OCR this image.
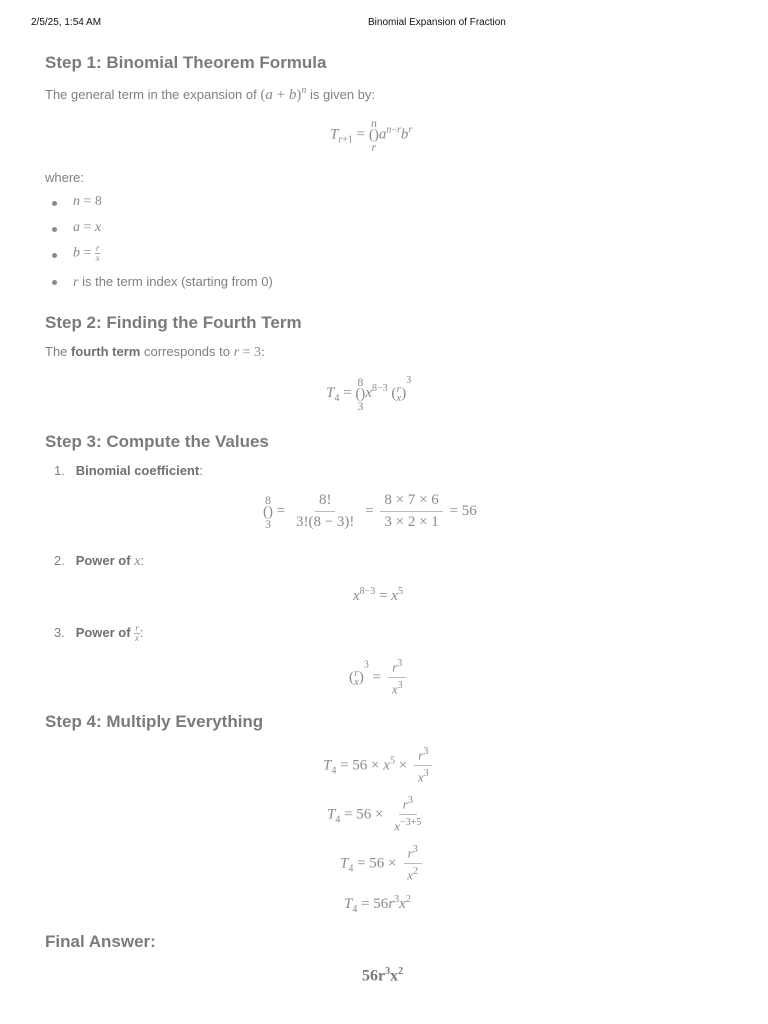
2/5/25, 1:54 AM	Binomial Expansion of Fraction
Step 1: Binomial Theorem Formula
The general term in the expansion of $(a + b)^n$ is given by:
$T_{r+1}$ =
n
()
r
$a^{n-r}b^r$
where:
n = 8
a = x
$b = \frac{r}{x}$
r is the term index (starting from 0)
Step 2: Finding the Fourth Term
The fourth term corresponds to r = 3:
$T_4 = 8$
()
$3x^{8-3}$ ( r
x )$^3$
Step 3: Compute the Values
1. Binomial coefficient:
8
()
$3 = \frac{8!}{3!(8 - 3)!} = \frac{8 \times 7 \times 6}{3 \times 2 \times 1} = 56$
2. Power of x:
$x^{8-3} = x^5$
3. Power of $\frac{r}{x}$ :
( r
x )$^3 = \frac{r^3}{x^3}$
Step 4: Multiply Everything
$T_4 = 56 \times x^5 \times \frac{r^3}{x^3}$
$T_4 = 56 \times \frac{r^3}{x^{-3+5}}$
$T_4 = 56 \times \frac{r^3}{x^2}$
$T_4 = 56r^3x^2$
Final Answer:
$56r^3x^2$
